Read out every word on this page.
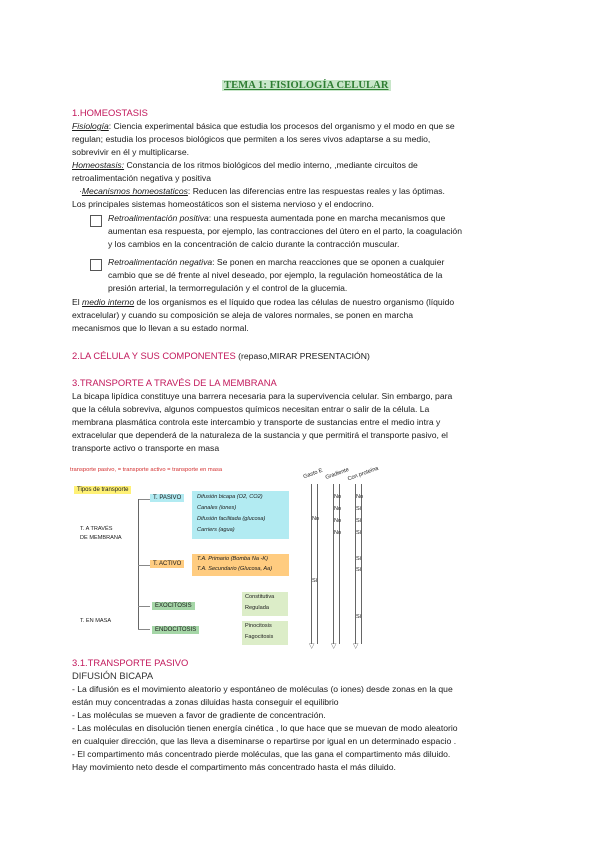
TEMA 1: FISIOLOGÍA CELULAR
1.HOMEOSTASIS
Fisiología: Ciencia experimental básica que estudia los procesos del organismo y el modo en que se
regulan; estudia los procesos biológicos que permiten a los seres vivos adaptarse a su medio,
sobrevivir en él y multiplicarse.
Homeostasis: Constancia de los ritmos biológicos del medio interno, ,mediante circuitos de
retroalimentación negativa y positiva
·Mecanismos homeostaticos: Reducen las diferencias entre las respuestas reales y las óptimas.
Los principales sistemas homeostáticos son el sistema nervioso y el endocrino.
Retroalimentación positiva: una respuesta aumentada pone en marcha mecanismos que
aumentan esa respuesta, por ejemplo, las contracciones del útero en el parto, la coagulación
y los cambios en la concentración de calcio durante la contracción muscular.
Retroalimentación negativa: Se ponen en marcha reacciones que se oponen a cualquier
cambio que se dé frente al nivel deseado, por ejemplo, la regulación homeostática de la
presión arterial, la termorregulación y el control de la glucemia.
El medio interno de los organismos es el líquido que rodea las células de nuestro organismo (líquido
extracelular) y cuando su composición se aleja de valores normales, se ponen en marcha
mecanismos que lo llevan a su estado normal.
2.LA CÉLULA Y SUS COMPONENTES (repaso,MIRAR PRESENTACIÓN)
3.TRANSPORTE A TRAVÉS DE LA MEMBRANA
La bicapa lipídica constituye una barrera necesaria para la supervivencia celular. Sin embargo, para
que la célula sobreviva, algunos compuestos químicos necesitan entrar o salir de la célula. La
membrana plasmática controla este intercambio y transporte de sustancias entre el medio intra y
extracelular que dependerá de la naturaleza de la sustancia y que permitirá el transporte pasivo, el
transporte activo o transporte en masa
transporte pasivo, = transporte activo = transporte en masa
Tipos de transporte
T. A TRAVÉS
DE MEMBRANA
T. EN MASA
T. PASIVO	Difusión bicapa (O2, CO2)
Canales (iones)
Difusión facilitada (glucosa)
Carriers (agua)
T. ACTIVO
T.A. Primario (Bomba Na -K)
T.A. Secundario (Glucosa, Aa)
EXOCITOSIS
ENDOCITOSIS
Constitutiva
Regulada
Pinocitosis
Fagocitosis
Gasto E Gradiente
Con proteína
▽ ▽ ▽
No
Sí
No
No
No
No
No
Sí
Sí
Sí
Sí
Sí
Sí
3.1.TRANSPORTE PASIVO
DIFUSIÓN BICAPA
- La difusión es el movimiento aleatorio y espontáneo de moléculas (o iones) desde zonas en la que
están muy concentradas a zonas diluidas hasta conseguir el equilibrio
- Las moléculas se mueven a favor de gradiente de concentración.
- Las moléculas en disolución tienen energía cinética , lo que hace que se muevan de modo aleatorio
en cualquier dirección, que las lleva a diseminarse o repartirse por igual en un determinado espacio .
- El compartimento más concentrado pierde moléculas, que las gana el compartimento más diluido.
Hay movimiento neto desde el compartimento más concentrado hasta el más diluido.
